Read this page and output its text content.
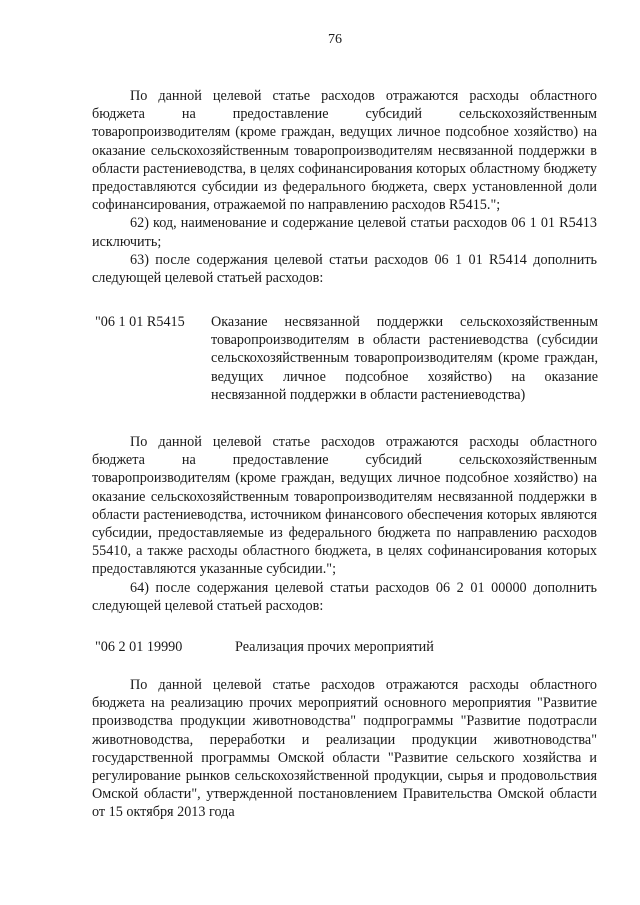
76

По данной целевой статье расходов отражаются расходы областного бюджета на предоставление субсидий сельскохозяйственным товаропроизводителям (кроме граждан, ведущих личное подсобное хозяйство) на оказание сельскохозяйственным товаропроизводителям несвязанной поддержки в области растениеводства, в целях софинансирования которых областному бюджету предоставляются субсидии из федерального бюджета, сверх установленной доли софинансирования, отражаемой по направлению расходов R5415.";

62) код, наименование и содержание целевой статьи расходов 06 1 01 R5413 исключить;

63) после содержания целевой статьи расходов 06 1 01 R5414 дополнить следующей целевой статьей расходов:

"06 1 01 R5415 Оказание несвязанной поддержки сельскохозяйственным товаропроизводителям в области растениеводства (субсидии сельскохозяйственным товаропроизводителям (кроме граждан, ведущих личное подсобное хозяйство) на оказание несвязанной поддержки в области растениеводства)

По данной целевой статье расходов отражаются расходы областного бюджета на предоставление субсидий сельскохозяйственным товаропроизводителям (кроме граждан, ведущих личное подсобное хозяйство) на оказание сельскохозяйственным товаропроизводителям несвязанной поддержки в области растениеводства, источником финансового обеспечения которых являются субсидии, предоставляемые из федерального бюджета по направлению расходов 55410, а также расходы областного бюджета, в целях софинансирования которых предоставляются указанные субсидии.";

64) после содержания целевой статьи расходов 06 2 01 00000 дополнить следующей целевой статьей расходов:

"06 2 01 19990	Реализация прочих мероприятий

По данной целевой статье расходов отражаются расходы областного бюджета на реализацию прочих мероприятий основного мероприятия "Развитие производства продукции животноводства" подпрограммы "Развитие подотрасли животноводства, переработки и реализации продукции животноводства" государственной программы Омской области "Развитие сельского хозяйства и регулирование рынков сельскохозяйственной продукции, сырья и продовольствия Омской области", утвержденной постановлением Правительства Омской области от 15 октября 2013 года
